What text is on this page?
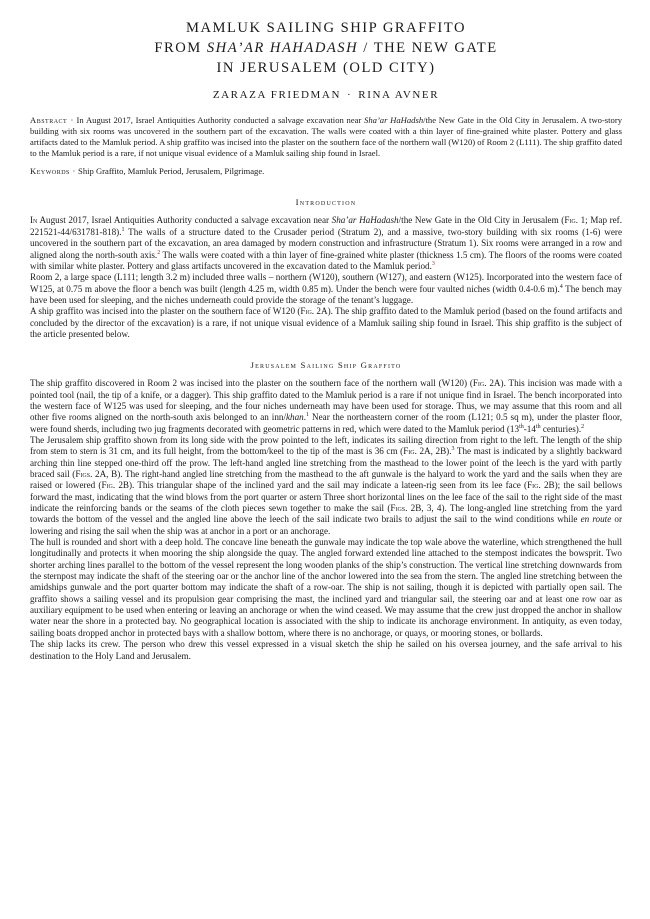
MAMLUK SAILING SHIP GRAFFITO
FROM SHA’AR HAHADASH / THE NEW GATE
IN JERUSALEM (OLD CITY)
ZARAZA FRIEDMAN · RINA AVNER

Abstract · In August 2017, Israel Antiquities Authority conducted a salvage excavation near Sha’ar HaHadsh/the New Gate in the Old City in Jerusalem. A two-story building with six rooms was uncovered in the southern part of the excavation. The walls were coated with a thin layer of fine-grained white plaster. Pottery and glass artifacts dated to the Mamluk period. A ship graffito was incised into the plaster on the southern face of the northern wall (W120) of Room 2 (L111). The ship graffito dated to the Mamluk period is a rare, if not unique visual evidence of a Mamluk sailing ship found in Israel.

Keywords · Ship Graffito, Mamluk Period, Jerusalem, Pilgrimage.

Introduction

In August 2017, Israel Antiquities Authority conducted a salvage excavation near Sha’ar HaHadash/the New Gate in the Old City in Jerusalem (Fig. 1; Map ref. 221521-44/631781-818).$^1$ The walls of a structure dated to the Crusader period (Stratum 2), and a massive, two-story building with six rooms (1-6) were uncovered in the southern part of the excavation, an area damaged by modern construction and infrastructure (Stratum 1). Six rooms were arranged in a row and aligned along the north-south axis.$^2$ The walls were coated with a thin layer of fine-grained white plaster (thickness 1.5 cm). The floors of the rooms were coated with similar white plaster. Pottery and glass artifacts uncovered in the excavation dated to the Mamluk period.$^3$

Room 2, a large space (L111; length 3.2 m) included three walls – northern (W120), southern (W127), and eastern (W125). Incorporated into the western face of W125, at 0.75 m above the floor a bench was built (length 4.25 m, width 0.85 m). Under the bench were four vaulted niches (width 0.4-0.6 m).$^4$ The bench may have been used for sleeping, and the niches underneath could provide the storage of the tenant’s luggage.

A ship graffito was incised into the plaster on the southern face of W120 (Fig. 2A). The ship graffito dated to the Mamluk period (based on the found artifacts and concluded by the director of the excavation) is a rare, if not unique visual evidence of a Mamluk sailing ship found in Israel. This ship graffito is the subject of the article presented below.

Jerusalem Sailing Ship Graffito

The ship graffito discovered in Room 2 was incised into the plaster on the southern face of the northern wall (W120) (Fig. 2A). This incision was made with a pointed tool (nail, the tip of a knife, or a dagger). This ship graffito dated to the Mamluk period is a rare if not unique find in Israel. The bench incorporated into the western face of W125 was used for sleeping, and the four niches underneath may have been used for storage. Thus, we may assume that this room and all other five rooms aligned on the north-south axis belonged to an inn/khan.$^1$ Near the northeastern corner of the room (L121; 0.5 sq m), under the plaster floor, were found sherds, including two jug fragments decorated with geometric patterns in red, which were dated to the Mamluk period (13th-14th centuries).$^2$

The Jerusalem ship graffito shown from its long side with the prow pointed to the left, indicates its sailing direction from right to the left. The length of the ship from stem to stern is 31 cm, and its full height, from the bottom/keel to the tip of the mast is 36 cm (Fig. 2A, 2B).$^3$ The mast is indicated by a slightly backward arching thin line stepped one-third off the prow. The left-hand angled line stretching from the masthead to the lower point of the leech is the yard with partly braced sail (Figs. 2A, B). The right-hand angled line stretching from the masthead to the aft gunwale is the halyard to work the yard and the sails when they are raised or lowered (Fig. 2B). This triangular shape of the inclined yard and the sail may indicate a lateen-rig seen from its lee face (Fig. 2B); the sail bellows forward the mast, indicating that the wind blows from the port quarter or astern Three short horizontal lines on the lee face of the sail to the right side of the mast indicate the reinforcing bands or the seams of the cloth pieces sewn together to make the sail (Figs. 2B, 3, 4). The long-angled line stretching from the yard towards the bottom of the vessel and the angled line above the leech of the sail indicate two brails to adjust the sail to the wind conditions while en route or lowering and rising the sail when the ship was at anchor in a port or an anchorage.

The hull is rounded and short with a deep hold. The concave line beneath the gunwale may indicate the top wale above the waterline, which strengthened the hull longitudinally and protects it when mooring the ship alongside the quay. The angled forward extended line attached to the stempost indicates the bowsprit. Two shorter arching lines parallel to the bottom of the vessel represent the long wooden planks of the ship’s construction. The vertical line stretching downwards from the sternpost may indicate the shaft of the steering oar or the anchor line of the anchor lowered into the sea from the stern. The angled line stretching between the amidships gunwale and the port quarter bottom may indicate the shaft of a row-oar. The ship is not sailing, though it is depicted with partially open sail. The graffito shows a sailing vessel and its propulsion gear comprising the mast, the inclined yard and triangular sail, the steering oar and at least one row oar as auxiliary equipment to be used when entering or leaving an anchorage or when the wind ceased. We may assume that the crew just dropped the anchor in shallow water near the shore in a protected bay. No geographical location is associated with the ship to indicate its anchorage environment. In antiquity, as even today, sailing boats dropped anchor in protected bays with a shallow bottom, where there is no anchorage, or quays, or mooring stones, or bollards.

The ship lacks its crew. The person who drew this vessel expressed in a visual sketch the ship he sailed on his oversea journey, and the safe arrival to his destination to the Holy Land and Jerusalem.
